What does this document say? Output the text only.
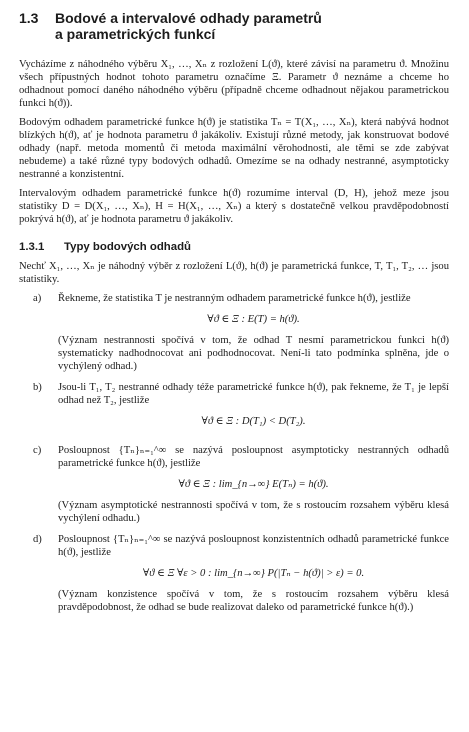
1.3	Bodové a intervalové odhady parametrů
a parametrických funkcí

Vycházíme z náhodného výběru X₁, …, Xₙ z rozložení L(ϑ), které závisí na parametru ϑ. Množinu všech přípustných hodnot tohoto parametru označíme Ξ. Parametr ϑ neznáme a chceme ho odhadnout pomocí daného náhodného výběru (případně chceme odhadnout nějakou parametrickou funkci h(ϑ)).

Bodovým odhadem parametrické funkce h(ϑ) je statistika Tₙ = T(X₁, …, Xₙ), která nabývá hodnot blízkých h(ϑ), ať je hodnota parametru ϑ jakákoliv. Existují různé metody, jak konstruovat bodové odhady (např. metoda momentů či metoda maximální věrohodnosti, ale těmi se zde zabývat nebudeme) a také různé typy bodových odhadů. Omezíme se na odhady nestranné, asymptoticky nestranné a konzistentní.

Intervalovým odhadem parametrické funkce h(ϑ) rozumíme interval (D, H), jehož meze jsou statistiky D = D(X₁, …, Xₙ), H = H(X₁, …, Xₙ) a který s dostatečně velkou pravděpodobností pokrývá h(ϑ), ať je hodnota parametru ϑ jakákoliv.

1.3.1	Typy bodových odhadů

Nechť X₁, …, Xₙ je náhodný výběr z rozložení L(ϑ), h(ϑ) je parametrická funkce, T, T₁, T₂, … jsou statistiky.

a)	Řekneme, že statistika T je nestranným odhadem parametrické funkce h(ϑ), jestliže
∀ϑ ∈ Ξ : E(T) = h(ϑ).
(Význam nestrannosti spočívá v tom, že odhad T nesmí parametrickou funkci h(ϑ) systematicky nadhodnocovat ani podhodnocovat. Není-li tato podmínka splněna, jde o vychýlený odhad.)
b)	Jsou-li T₁, T₂ nestranné odhady téže parametrické funkce h(ϑ), pak řekneme, že T₁ je lepší odhad než T₂, jestliže
∀ϑ ∈ Ξ : D(T₁) < D(T₂).
c)	Posloupnost {Tₙ}ₙ₌₁^∞ se nazývá posloupnost asymptoticky nestranných odhadů parametrické funkce h(ϑ), jestliže
∀ϑ ∈ Ξ : lim_{n→∞} E(Tₙ) = h(ϑ).
(Význam asymptotické nestrannosti spočívá v tom, že s rostoucím rozsahem výběru klesá vychýlení odhadu.)
d)	Posloupnost {Tₙ}ₙ₌₁^∞ se nazývá posloupnost konzistentních odhadů parametrické funkce h(ϑ), jestliže
∀ϑ ∈ Ξ ∀ε > 0 : lim_{n→∞} P(|Tₙ − h(ϑ)| > ε) = 0.
(Význam konzistence spočívá v tom, že s rostoucím rozsahem výběru klesá pravděpodobnost, že odhad se bude realizovat daleko od parametrické funkce h(ϑ).)
